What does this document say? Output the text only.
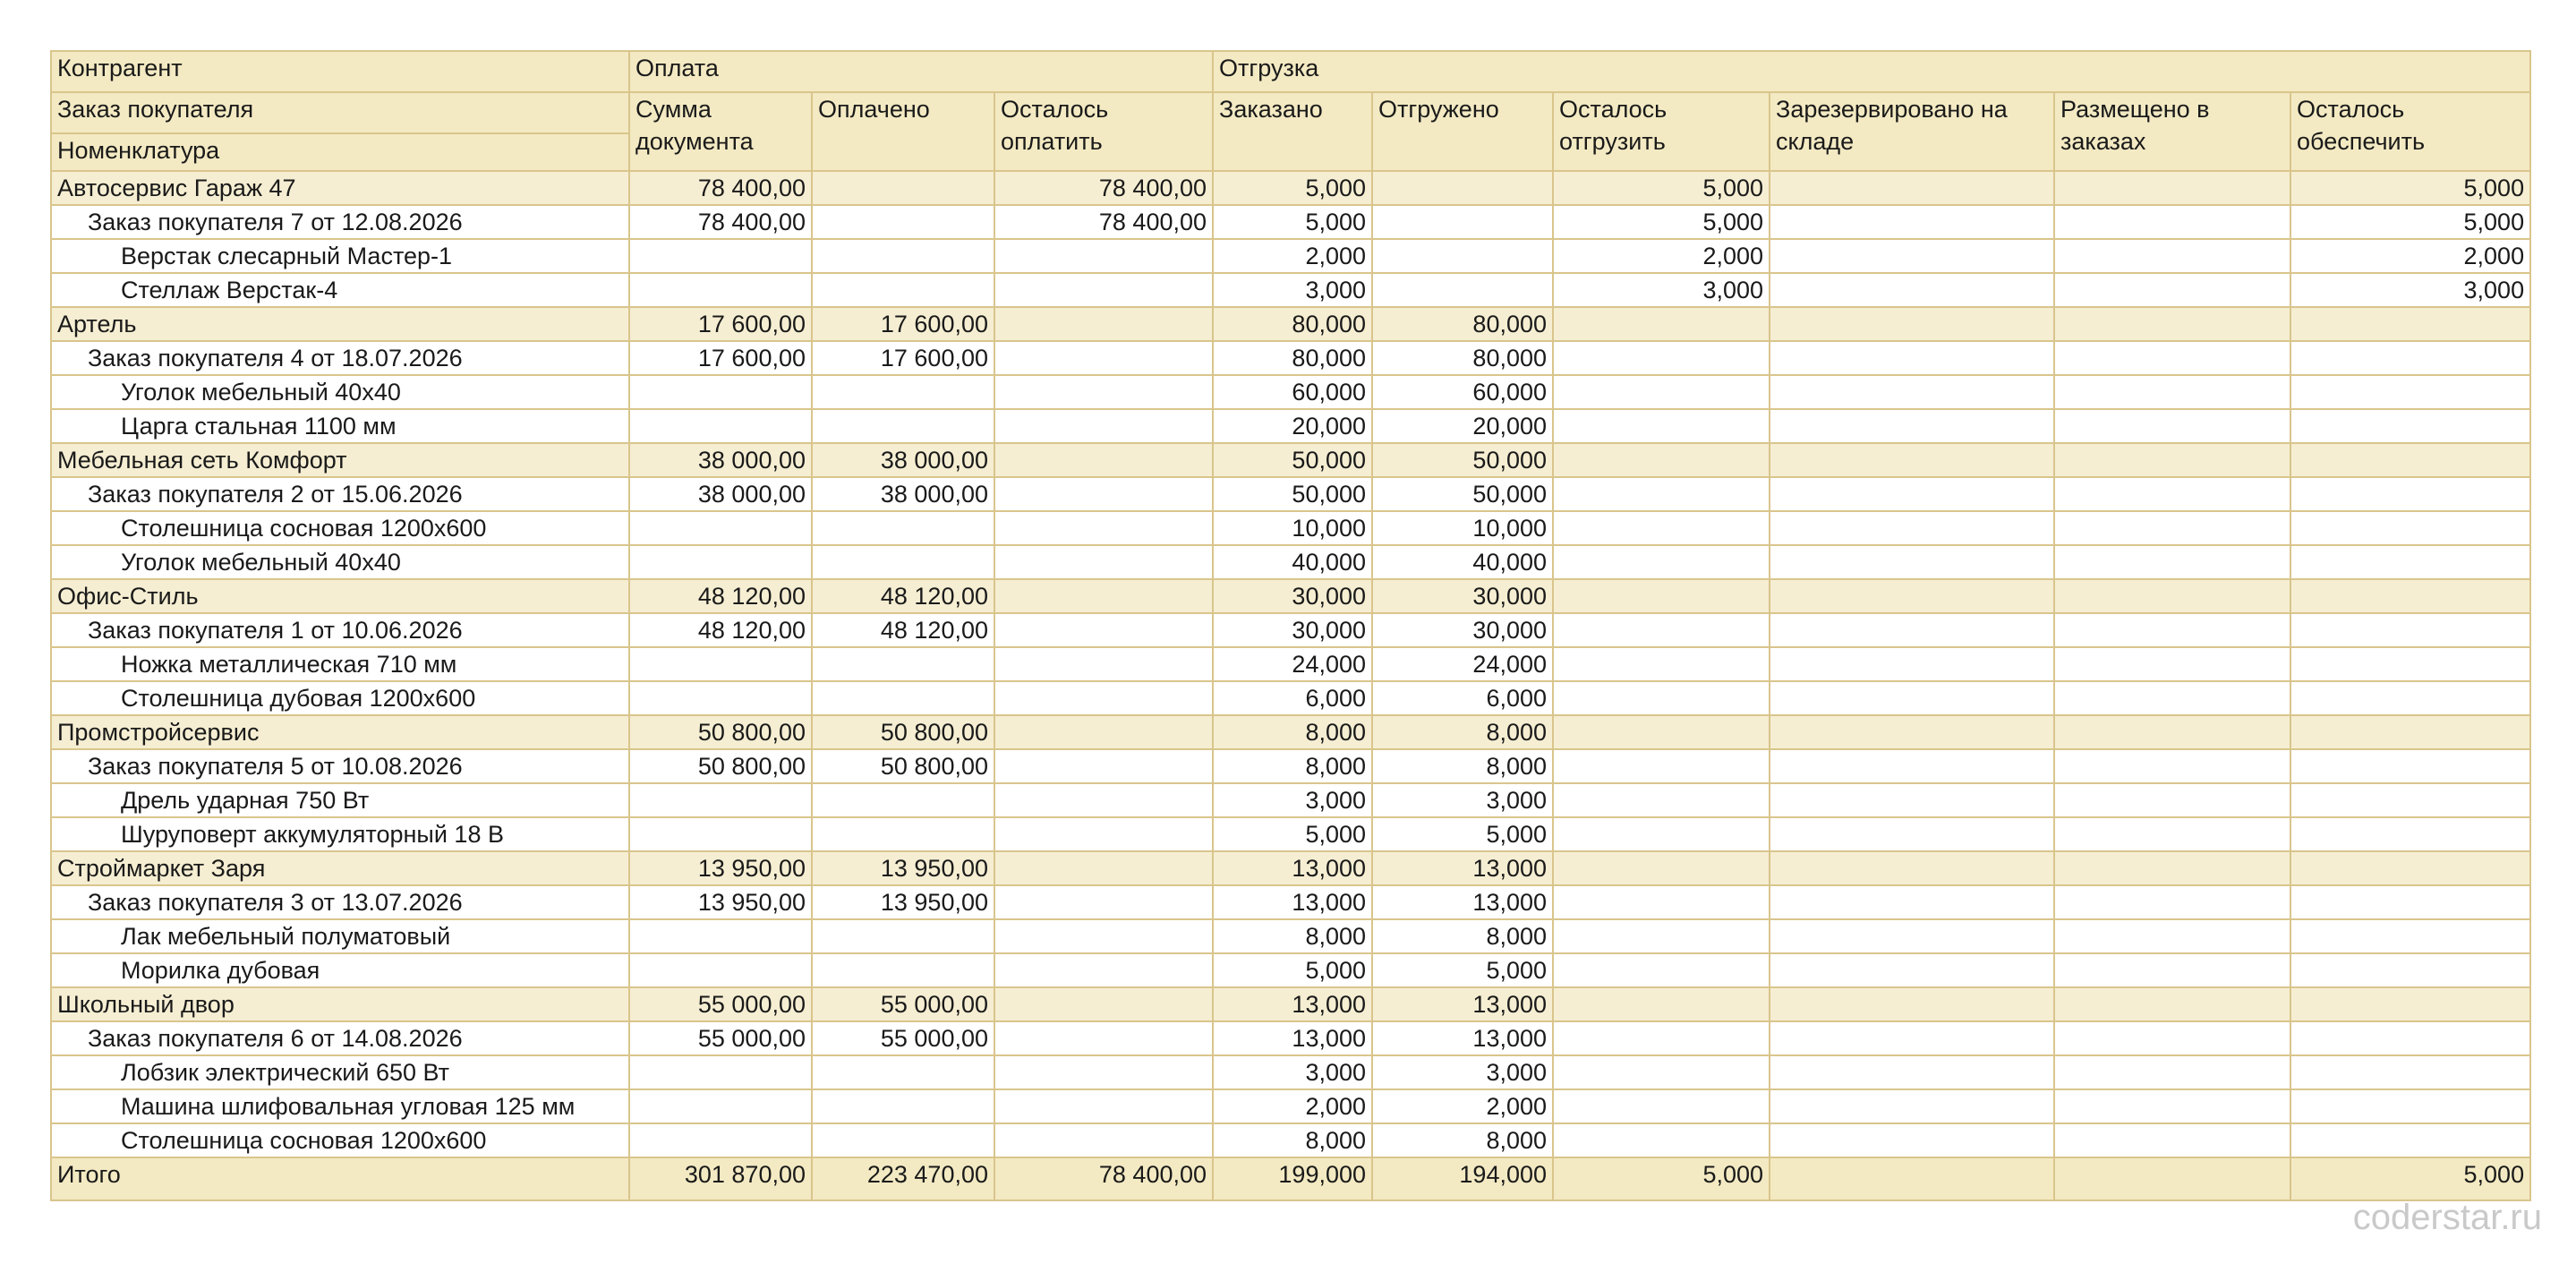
Контрагент	Оплата			Отгрузка					
Заказ покупателя	Сумма документа	Оплачено	Осталось оплатить	Заказано	Отгружено	Осталось отгрузить	Зарезервировано на складе	Размещено в заказах	Осталось обеспечить
Номенклатура									
Автосервис Гараж 47	78 400,00		78 400,00	5,000		5,000			5,000
Заказ покупателя 7 от 12.08.2026	78 400,00		78 400,00	5,000		5,000			5,000
Верстак слесарный Мастер-1				2,000		2,000			2,000
Стеллаж Верстак-4				3,000		3,000			3,000
Артель	17 600,00	17 600,00		80,000	80,000				
Заказ покупателя 4 от 18.07.2026	17 600,00	17 600,00		80,000	80,000				
Уголок мебельный 40х40				60,000	60,000				
Царга стальная 1100 мм				20,000	20,000				
Мебельная сеть Комфорт	38 000,00	38 000,00		50,000	50,000				
Заказ покупателя 2 от 15.06.2026	38 000,00	38 000,00		50,000	50,000				
Столешница сосновая 1200х600				10,000	10,000				
Уголок мебельный 40х40				40,000	40,000				
Офис-Стиль	48 120,00	48 120,00		30,000	30,000				
Заказ покупателя 1 от 10.06.2026	48 120,00	48 120,00		30,000	30,000				
Ножка металлическая 710 мм				24,000	24,000				
Столешница дубовая 1200х600				6,000	6,000				
Промстройсервис	50 800,00	50 800,00		8,000	8,000				
Заказ покупателя 5 от 10.08.2026	50 800,00	50 800,00		8,000	8,000				
Дрель ударная 750 Вт				3,000	3,000				
Шуруповерт аккумуляторный 18 В				5,000	5,000				
Строймаркет Заря	13 950,00	13 950,00		13,000	13,000				
Заказ покупателя 3 от 13.07.2026	13 950,00	13 950,00		13,000	13,000				
Лак мебельный полуматовый				8,000	8,000				
Морилка дубовая				5,000	5,000				
Школьный двор	55 000,00	55 000,00		13,000	13,000				
Заказ покупателя 6 от 14.08.2026	55 000,00	55 000,00		13,000	13,000				
Лобзик электрический 650 Вт				3,000	3,000				
Машина шлифовальная угловая 125 мм				2,000	2,000				
Столешница сосновая 1200х600				8,000	8,000				
Итого	301 870,00	223 470,00	78 400,00	199,000	194,000	5,000			5,000
coderstar.ru
